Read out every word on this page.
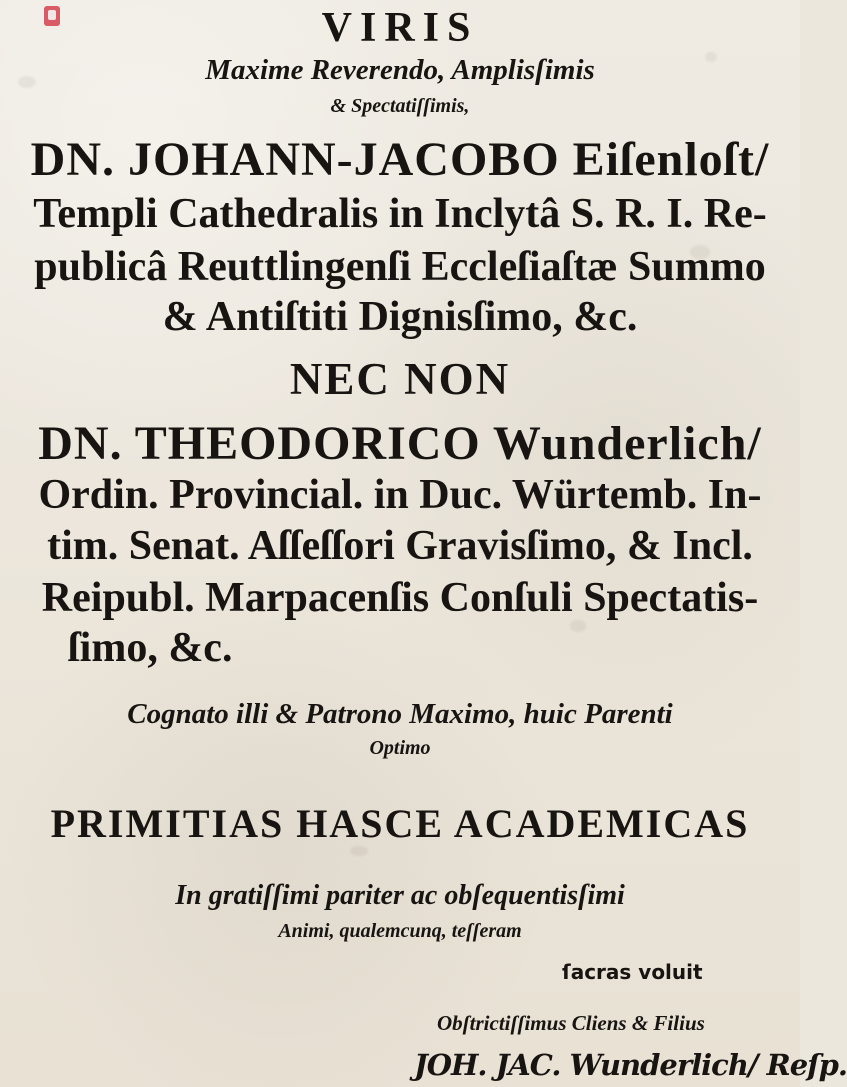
VIRIS
Maxime Reverendo, Amplisſimis
& Spectatiſſimis,
DN. JOHANN-JACOBO Eiſenloſt/
Templi Cathedralis in Inclytâ S. R. I. Re-
publicâ Reuttlingenſi Eccleſiaſtæ Summo
& Antiſtiti Dignisſimo, &c.
NEC NON
DN. THEODORICO Wunderlich/
Ordin. Provincial. in Duc. Würtemb. In-
tim. Senat. Aſſeſſori Gravisſimo, & Incl.
Reipubl. Marpacenſis Conſuli Spectatis-
ſimo, &c.
Cognato illi & Patrono Maximo, huic Parenti
Optimo
PRIMITIAS HASCE ACADEMICAS
In gratiſſimi pariter ac obſequentisſimi
Animi, qualemcunq, teſſeram
ſacras voluit
Obſtrictiſſimus Cliens & Filius
JOH. JAC. Wunderlich/ Reſp.
